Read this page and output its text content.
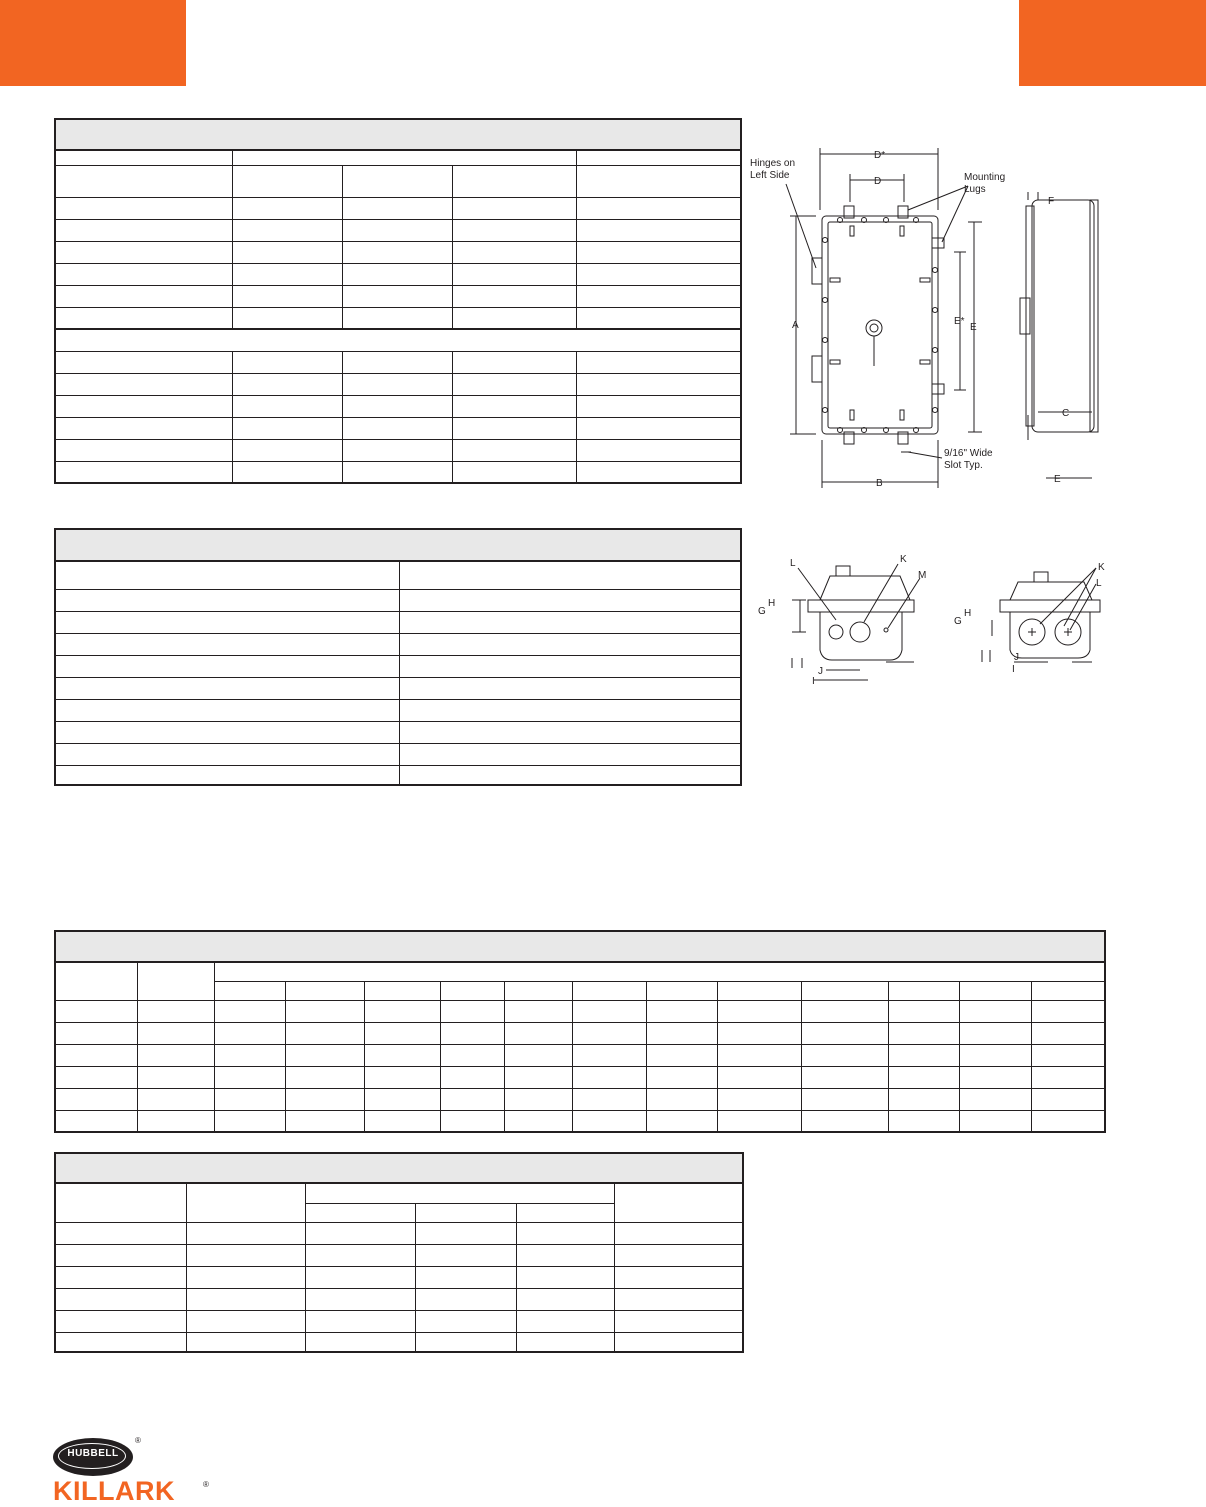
Hinges on
Left Side	Mounting
Lugs
9/16" Wide
Slot Typ.
D*
D
A
B
E
E*
F
C
E
L	K
M
H
G
J
I
K
L
H
G
J
I
HUBBELL
®
KILLARK	®
